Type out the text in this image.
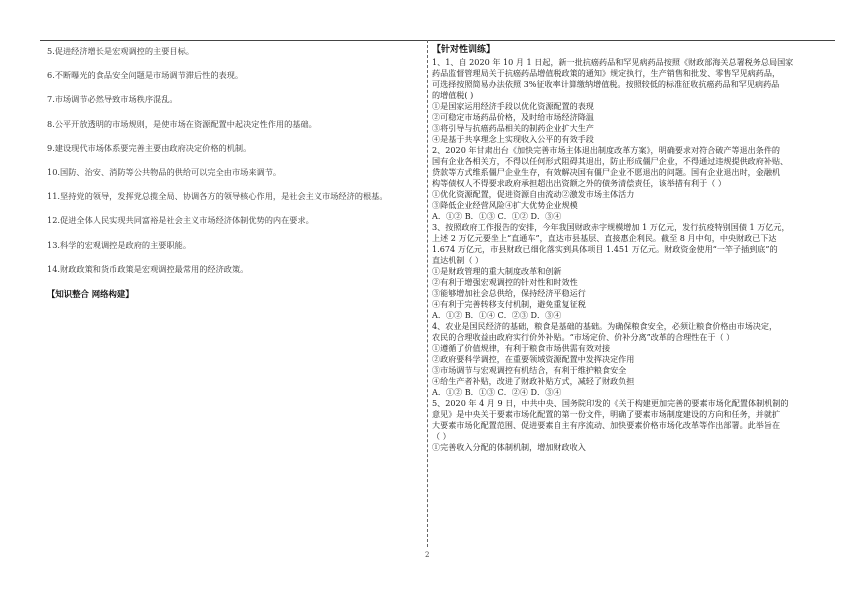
5.促进经济增长是宏观调控的主要目标。
6.不断曝光的食品安全问题是市场调节滞后性的表现。
7.市场调节必然导致市场秩序混乱。
8.公平开放透明的市场规则，是使市场在资源配置中起决定性作用的基础。
9.建设现代市场体系要完善主要由政府决定价格的机制。
10.国防、治安、消防等公共物品的供给可以完全由市场来调节。
11.坚持党的领导，发挥党总揽全局、协调各方的领导核心作用，是社会主义市场经济的根基。
12.促进全体人民实现共同富裕是社会主义市场经济体制优势的内在要求。
13.科学的宏观调控是政府的主要职能。
14.财政政策和货币政策是宏观调控最常用的经济政策。
【知识整合 网络构建】
【针对性训练】
1、1、自 2020 年 10 月 1 日起，新一批抗癌药品和罕见病药品按照《财政部海关总署税务总局国家
药品监督管理局关于抗癌药品增值税政策的通知》规定执行，生产销售和批发、零售罕见病药品，
可选择按照简易办法依照 3%征收率计算缴纳增值税。按照较低的标准征收抗癌药品和罕见病药品
的增值税( )
①是国家运用经济手段以优化资源配置的表现
②可稳定市场药品价格，及时给市场经济降温
③将引导与抗癌药品相关的制药企业扩大生产
④是基于共享理念上实现收入公平的有效手段
2、2020 年甘肃出台《加快完善市场主体退出制度改革方案》，明确要求对符合破产等退出条件的
国有企业各相关方，不得以任何形式阻碍其退出，防止形成僵尸企业，不得通过违规提供政府补贴、
贷款等方式维系僵尸企业生存，有效解决国有僵尸企业不愿退出的问题。国有企业退出时，金融机
构等债权人不得要求政府承担超出出资额之外的债务清偿责任，该举措有利于（ ）
①优化资源配置，促进资源自由流动②激发市场主体活力
③降低企业经营风险④扩大优势企业规模
A．①② B．①③ C．①② D．③④
3、按照政府工作报告的安排，今年我国财政赤字规模增加 1 万亿元，发行抗疫特别国债 1 万亿元，
上述 2 万亿元要坐上“直通车”，直达市县基层、直接惠企利民。截至 8 月中旬，中央财政已下达
1.674 万亿元，市县财政已细化落实到具体项目 1.451 万亿元。财政资金使用“一竿子插到底”的
直达机制（ ）
①是财政管理的重大制度改革和创新
②有利于增强宏观调控的针对性和时效性
③能够增加社会总供给，保持经济平稳运行
④有利于完善转移支付机制，避免重复征税
A．①② B．①④ C．②③ D．③④
4、农业是国民经济的基础，粮食是基础的基础。为确保粮食安全，必须让粮食价格由市场决定，
农民的合理收益由政府实行价外补贴。“市场定价、价补分离”改革的合理性在于（ ）
①遵循了价值规律，有利于粮食市场供需有效对接
②政府要科学调控，在重要领域资源配置中发挥决定作用
③市场调节与宏观调控有机结合，有利于维护粮食安全
④给生产者补贴，改进了财政补贴方式，减轻了财政负担
A．①② B．①③ C．②④ D．③④
5、2020 年 4 月 9 日，中共中央、国务院印发的《关于构建更加完善的要素市场化配置体制机制的
意见》是中央关于要素市场化配置的第一份文件，明确了要素市场制度建设的方向和任务，并就扩
大要素市场化配置范围、促进要素自主有序流动、加快要素价格市场化改革等作出部署。此举旨在
（ ）
①完善收入分配的体制机制，增加财政收入
2
